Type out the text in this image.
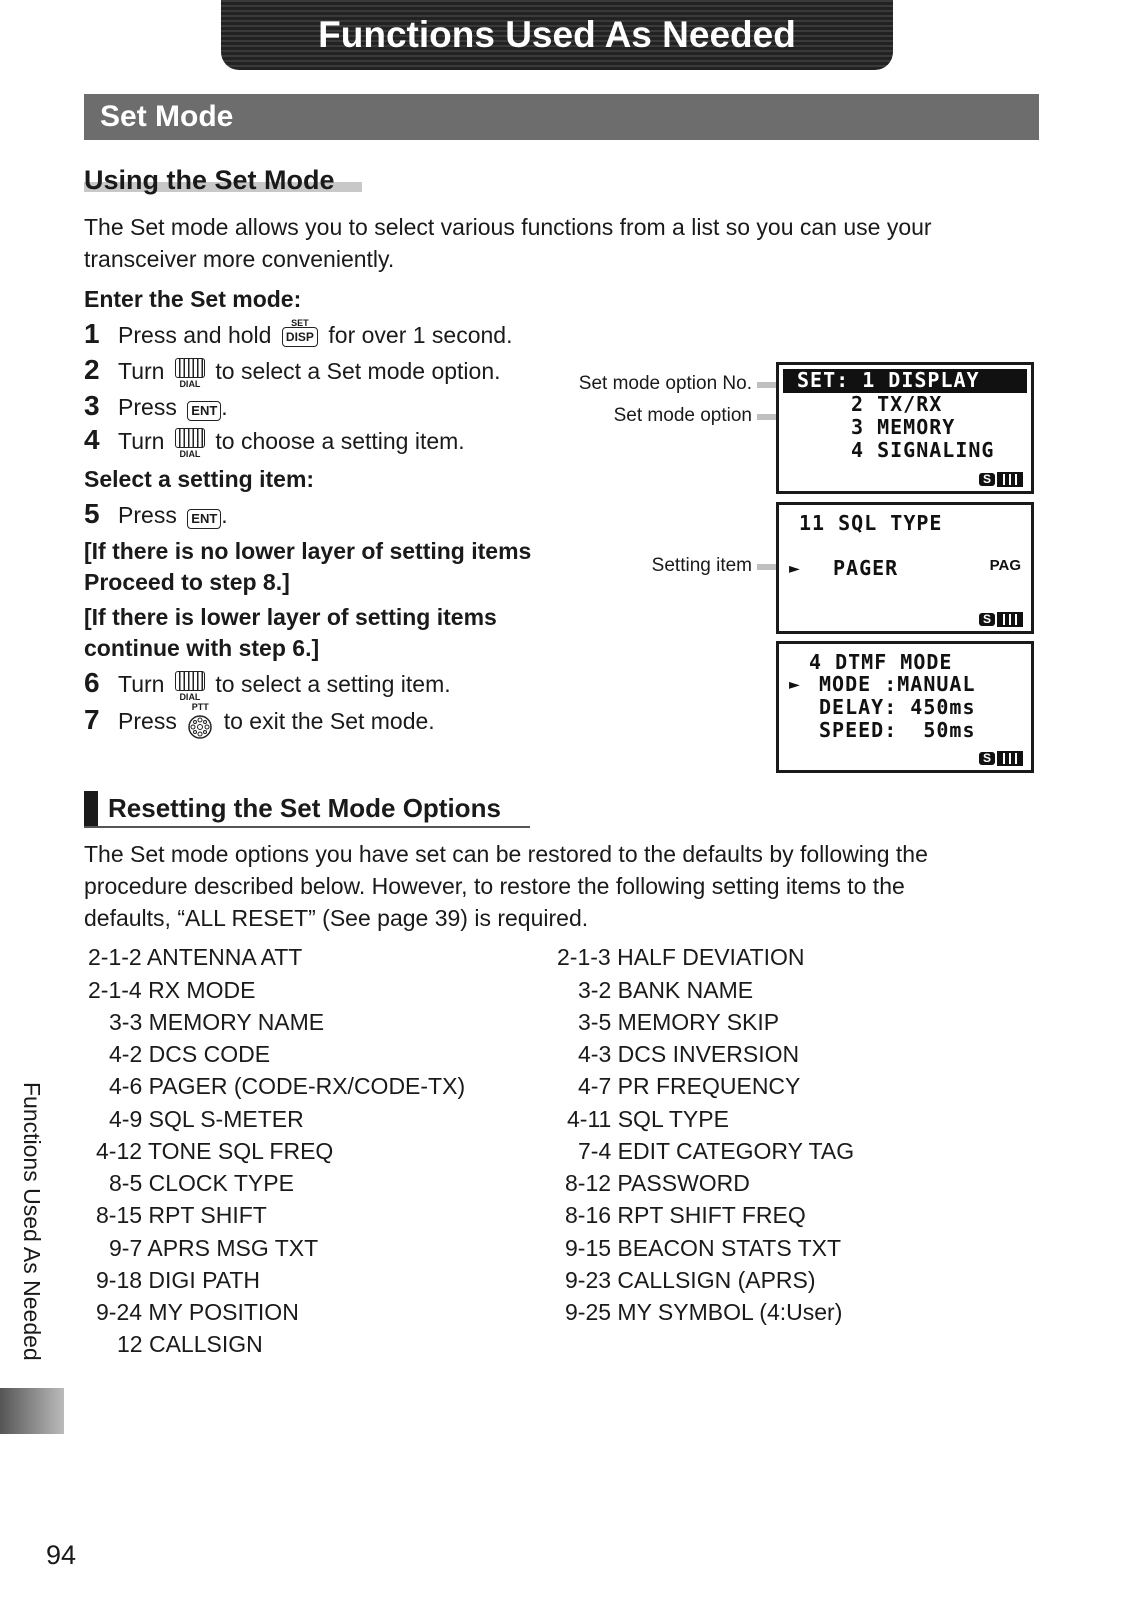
Functions Used As Needed
Set Mode
Using the Set Mode
The Set mode allows you to select various functions from a list so you can use your
transceiver more conveniently.
Enter the Set mode:
1 Press and hold	SET
DISP for over 1 second.
2 Turn	DIAL to select a Set mode option.
3 Press ENT .
4 Turn	DIAL to choose a setting item.
Select a setting item:
5 Press ENT .
[If there is no lower layer of setting items
Proceed to step 8.]
[If there is lower layer of setting items
continue with step 6.]
6 Turn	DIAL to select a setting item.
7 Press
PTT
to exit the Set mode.
Set mode option No.
Set mode option
Setting item
SET: 1 DISPLAY
2 TX/RX
3 MEMORY
4 SIGNALING
S
11 SQL TYPE
► PAGER	PAG
S
4 DTMF MODE
► MODE :MANUAL
DELAY: 450ms
SPEED:  50ms
S
Resetting the Set Mode Options
The Set mode options you have set can be restored to the defaults by following the
procedure described below. However, to restore the following setting items to the
defaults, “ALL RESET” (See page 39) is required.
2-1-2 ANTENNA ATT
2-1-4 RX MODE
3-3 MEMORY NAME
4-2 DCS CODE
4-6 PAGER (CODE-RX/CODE-TX)
4-9 SQL S-METER
4-12 TONE SQL FREQ
8-5 CLOCK TYPE
8-15 RPT SHIFT
9-7 APRS MSG TXT
9-18 DIGI PATH
9-24 MY POSITION
12 CALLSIGN
2-1-3 HALF DEVIATION
3-2 BANK NAME
3-5 MEMORY SKIP
4-3 DCS INVERSION
4-7 PR FREQUENCY
4-11 SQL TYPE
7-4 EDIT CATEGORY TAG
8-12 PASSWORD
8-16 RPT SHIFT FREQ
9-15 BEACON STATS TXT
9-23 CALLSIGN (APRS)
9-25 MY SYMBOL (4:User)
Functions Used As Needed
94
